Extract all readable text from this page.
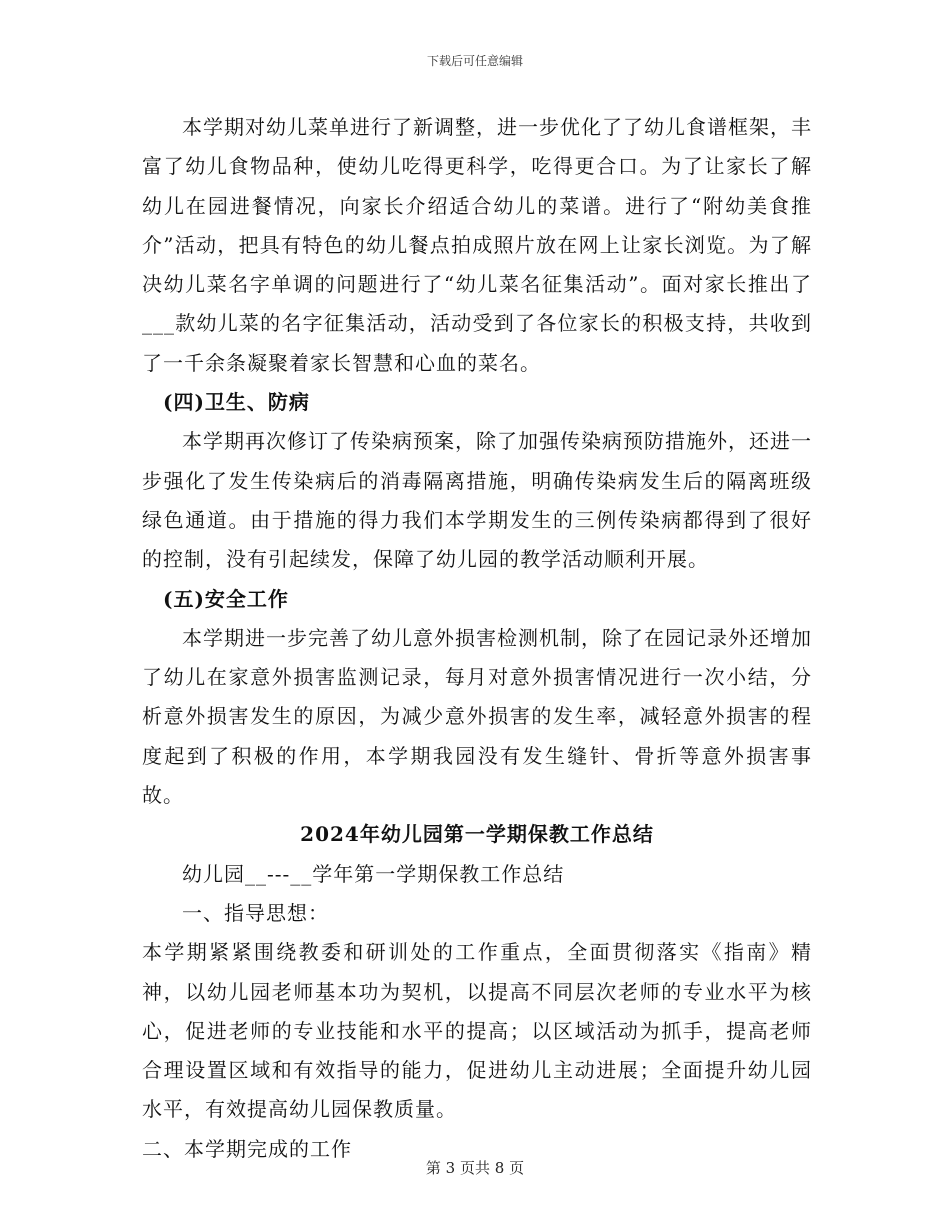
下载后可任意编辑

本学期对幼儿菜单进行了新调整，进一步优化了了幼儿食谱框架，丰富了幼儿食物品种，使幼儿吃得更科学，吃得更合口。为了让家长了解幼儿在园进餐情况，向家长介绍适合幼儿的菜谱。进行了“附幼美食推介”活动，把具有特色的幼儿餐点拍成照片放在网上让家长浏览。为了解决幼儿菜名字单调的问题进行了“幼儿菜名征集活动”。面对家长推出了___款幼儿菜的名字征集活动，活动受到了各位家长的积极支持，共收到了一千余条凝聚着家长智慧和心血的菜名。

(四)卫生、防病

本学期再次修订了传染病预案，除了加强传染病预防措施外，还进一步强化了发生传染病后的消毒隔离措施，明确传染病发生后的隔离班级绿色通道。由于措施的得力我们本学期发生的三例传染病都得到了很好的控制，没有引起续发，保障了幼儿园的教学活动顺利开展。

(五)安全工作

本学期进一步完善了幼儿意外损害检测机制，除了在园记录外还增加了幼儿在家意外损害监测记录，每月对意外损害情况进行一次小结，分析意外损害发生的原因，为减少意外损害的发生率，减轻意外损害的程度起到了积极的作用，本学期我园没有发生缝针、骨折等意外损害事故。

2024年幼儿园第一学期保教工作总结

幼儿园__---__学年第一学期保教工作总结

一、指导思想：

本学期紧紧围绕教委和研训处的工作重点，全面贯彻落实《指南》精神，以幼儿园老师基本功为契机，以提高不同层次老师的专业水平为核心，促进老师的专业技能和水平的提高；以区域活动为抓手，提高老师合理设置区域和有效指导的能力，促进幼儿主动进展；全面提升幼儿园水平，有效提高幼儿园保教质量。

二、本学期完成的工作

第 3 页共 8 页
